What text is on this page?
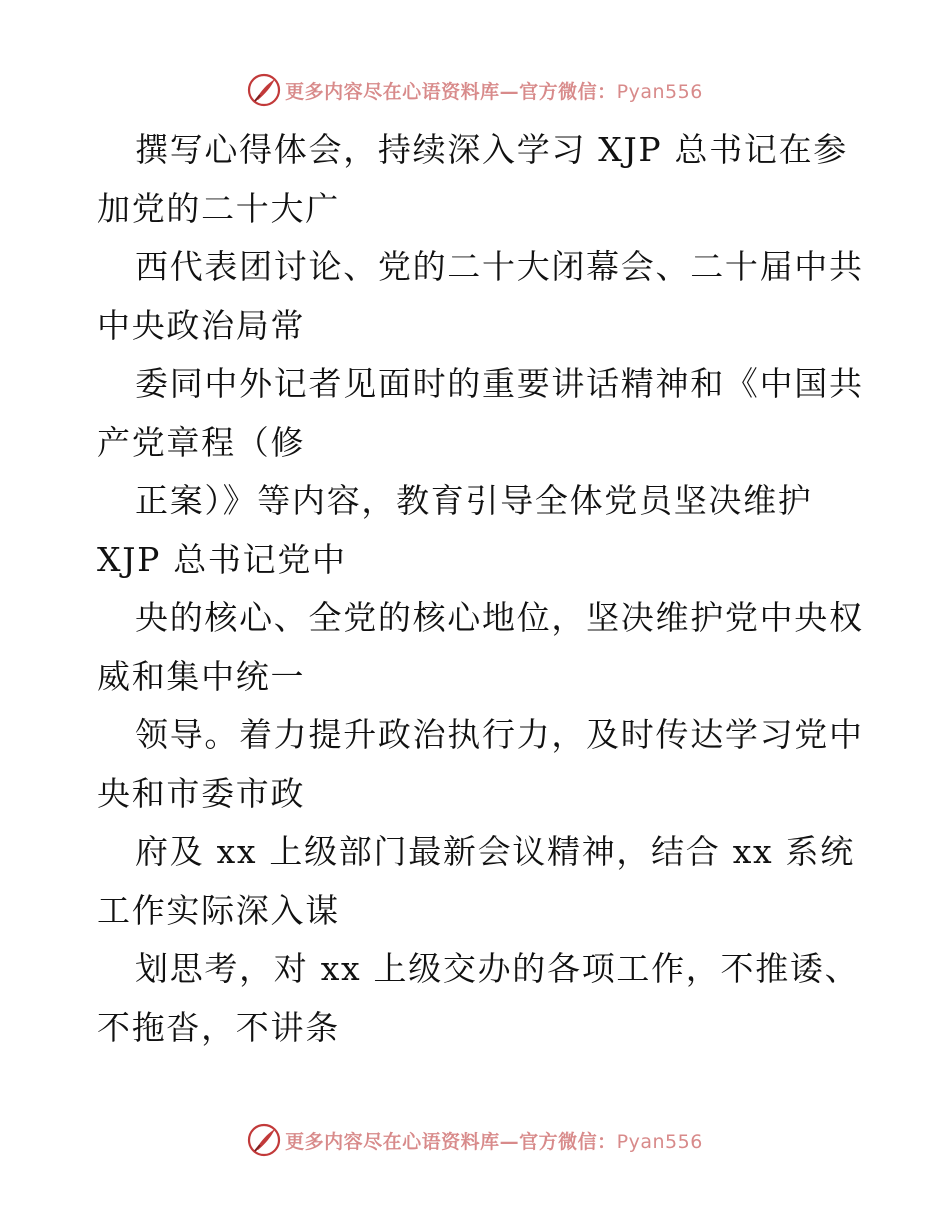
更多内容尽在心语资料库—官方微信：Pyan556
撰写心得体会，持续深入学习 XJP 总书记在参
加党的二十大广
西代表团讨论、党的二十大闭幕会、二十届中共
中央政治局常
委同中外记者见面时的重要讲话精神和《中国共
产党章程（修
正案）》等内容，教育引导全体党员坚决维护
XJP 总书记党中
央的核心、全党的核心地位，坚决维护党中央权
威和集中统一
领导。着力提升政治执行力，及时传达学习党中
央和市委市政
府及 xx 上级部门最新会议精神，结合 xx 系统
工作实际深入谋
划思考，对 xx 上级交办的各项工作，不推诿、
不拖沓，不讲条
更多内容尽在心语资料库—官方微信：Pyan556
